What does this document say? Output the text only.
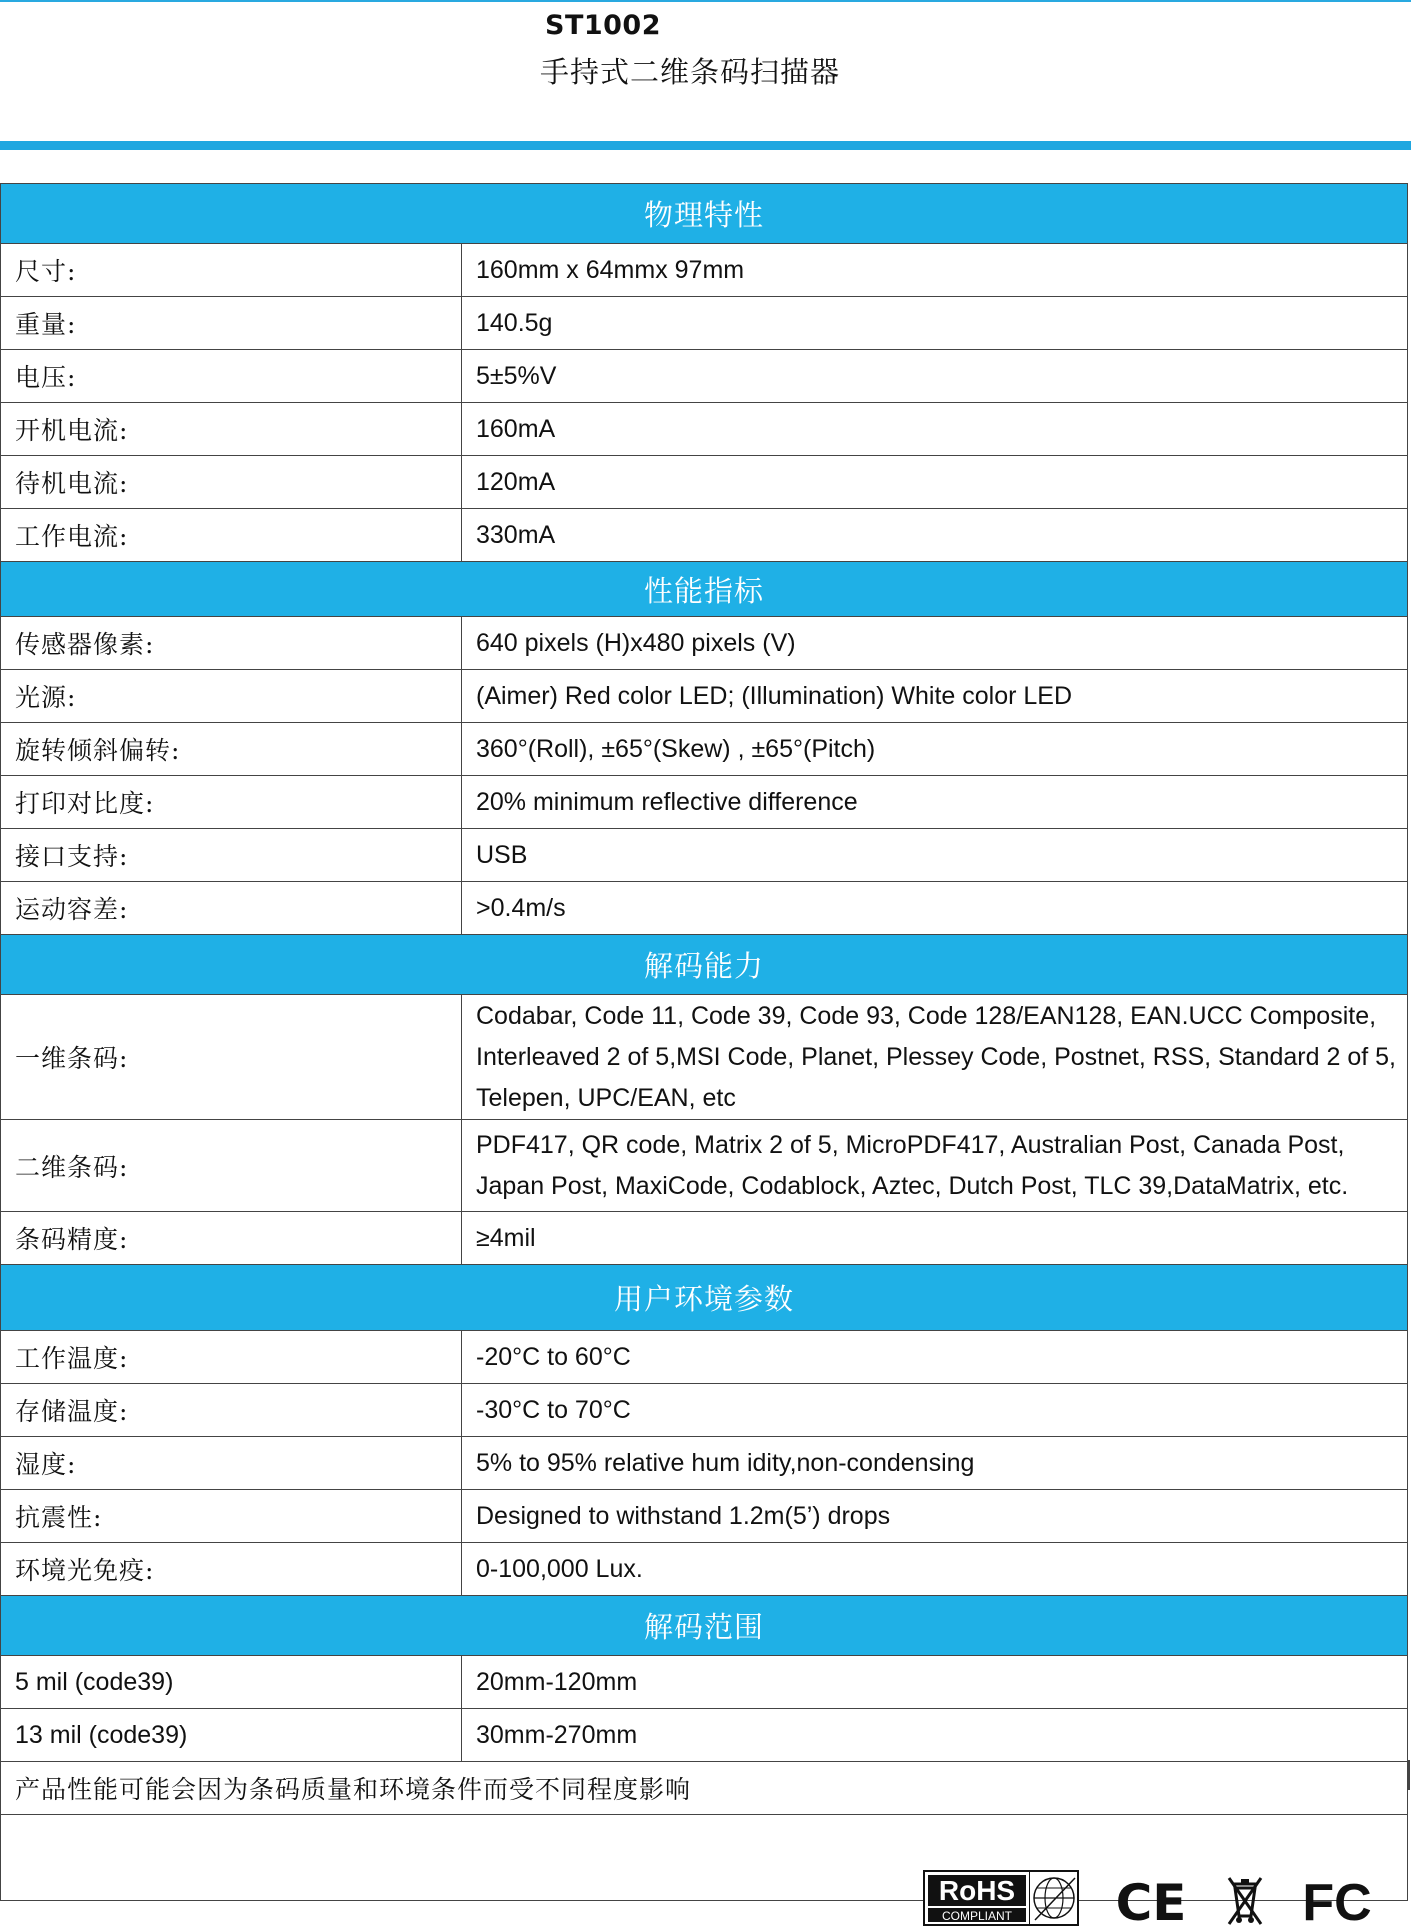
ST1002
手持式二维条码扫描器
物理特性	
尺寸:	160mm x 64mmx 97mm
重量:	140.5g
电压:	5±5%V
开机电流:	160mA
待机电流:	120mA
工作电流:	330mA
性能指标	
传感器像素:	640 pixels (H)x480 pixels (V)
光源:	(Aimer) Red color LED; (Illumination) White color LED
旋转倾斜偏转:	360°(Roll), ±65°(Skew) , ±65°(Pitch)
打印对比度:	20% minimum reflective difference
接口支持:	USB
运动容差:	>0.4m/s
解码能力	
一维条码:	Codabar, Code 11, Code 39, Code 93, Code 128/EAN128, EAN.UCC Composite, Interleaved 2 of 5,MSI Code, Planet, Plessey Code, Postnet, RSS, Standard 2 of 5, Telepen, UPC/EAN, etc
二维条码:	PDF417, QR code, Matrix 2 of 5, MicroPDF417, Australian Post, Canada Post, Japan Post, MaxiCode, Codablock, Aztec, Dutch Post, TLC 39,DataMatrix, etc.
条码精度:	≥4mil
用户环境参数	
工作温度:	-20°C to 60°C
存储温度:	-30°C to 70°C
湿度:	5% to 95% relative hum idity,non-condensing
抗震性:	Designed to withstand 1.2m(5’) drops
环境光免疫:	0-100,000 Lux.
解码范围	
5 mil (code39)	20mm-120mm
13 mil (code39)	30mm-270mm
产品性能可能会因为条码质量和环境条件而受不同程度影响	

RoHS
COMPLIANT CE FC	
